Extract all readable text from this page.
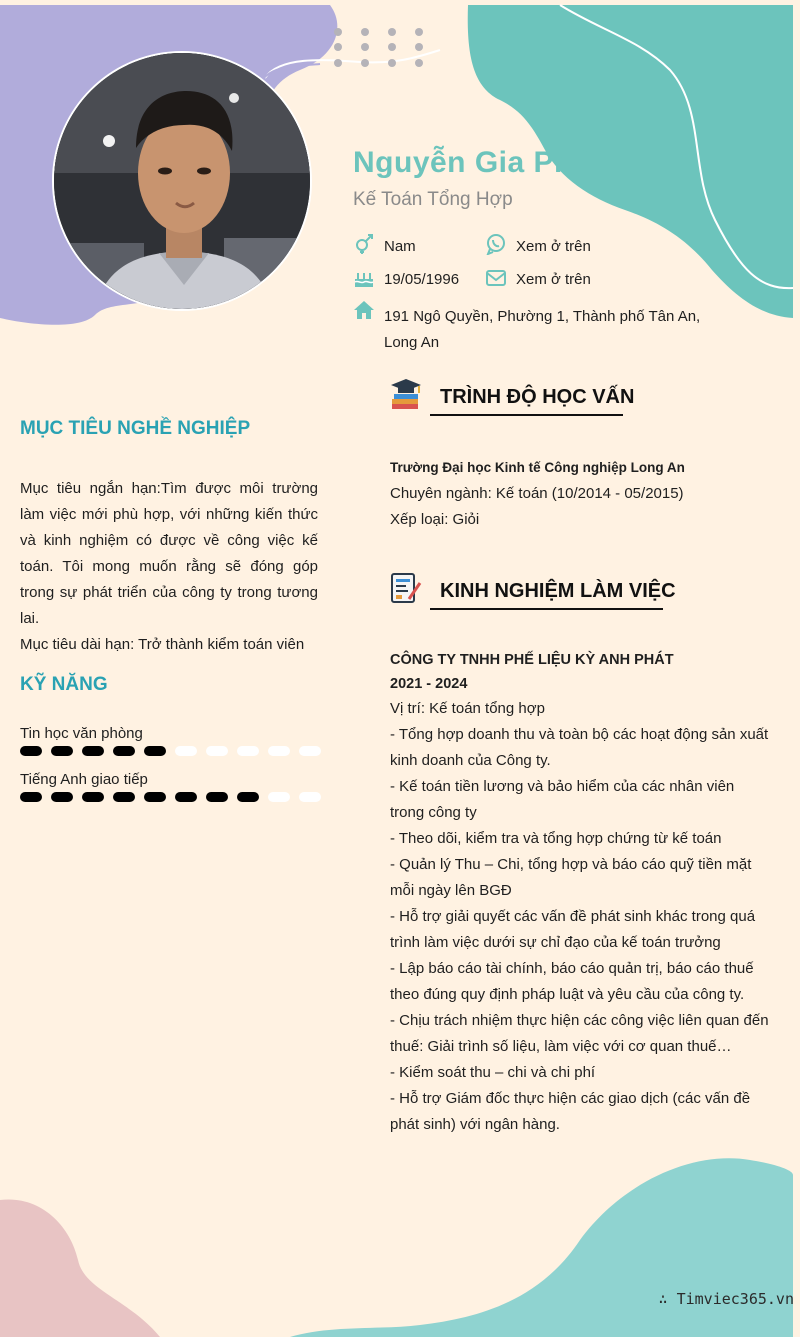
Nguyễn Gia Phú
Kế Toán Tổng Hợp
Nam	Xem ở trên
19/05/1996	Xem ở trên
191 Ngô Quyền, Phường 1, Thành phố Tân An,
Long An
MỤC TIÊU NGHỀ NGHIỆP

Mục tiêu ngắn hạn:Tìm được môi trường làm việc mới phù hợp, với những kiến thức và kinh nghiệm có được về công việc kế toán. Tôi mong muốn rằng sẽ đóng góp trong sự phát triển của công ty trong tương lai.

Mục tiêu dài hạn: Trở thành kiểm toán viên

KỸ NĂNG
Tin học văn phòng
Tiếng Anh giao tiếp
TRÌNH ĐỘ HỌC VẤN
Trường Đại học Kinh tế Công nghiệp Long An
Chuyên ngành: Kế toán (10/2014 - 05/2015)
Xếp loại: Giỏi
KINH NGHIỆM LÀM VIỆC
CÔNG TY TNHH PHẾ LIỆU KỲ ANH PHÁT
2021 - 2024
Vị trí: Kế toán tổng hợp
- Tổng hợp doanh thu và toàn bộ các hoạt động sản xuất kinh doanh của Công ty.
- Kế toán tiền lương và bảo hiểm của các nhân viên trong công ty
- Theo dõi, kiểm tra và tổng hợp chứng từ kế toán
- Quản lý Thu – Chi, tổng hợp và báo cáo quỹ tiền mặt mỗi ngày lên BGĐ
- Hỗ trợ giải quyết các vấn đề phát sinh khác trong quá trình làm việc dưới sự chỉ đạo của kế toán trưởng
- Lập báo cáo tài chính, báo cáo quản trị, báo cáo thuế theo đúng quy định pháp luật và yêu cầu của công ty.
- Chịu trách nhiệm thực hiện các công việc liên quan đến thuế: Giải trình số liệu, làm việc với cơ quan thuế…
- Kiểm soát thu – chi và chi phí
- Hỗ trợ Giám đốc thực hiện các giao dịch (các vấn đề phát sinh) với ngân hàng.
∴ Timviec365.vn
